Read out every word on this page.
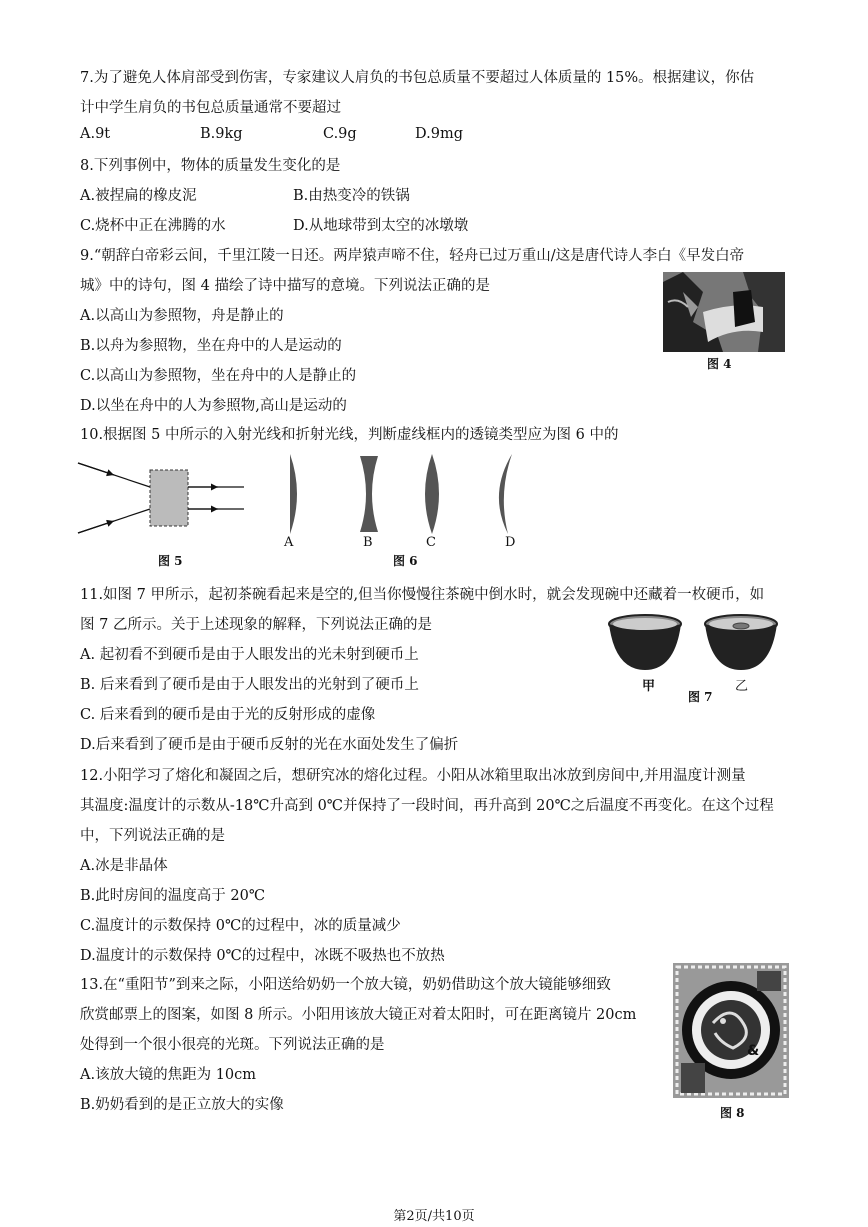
7.为了避免人体肩部受到伤害，专家建议人肩负的书包总质量不要超过人体质量的 15%。根据建议，你估
计中学生肩负的书包总质量通常不要超过
A.9t	B.9kg	C.9g	D.9mg
8.下列事例中，物体的质量发生变化的是
A.被捏扁的橡皮泥	B.由热变冷的铁锅
C.烧杯中正在沸腾的水	D.从地球带到太空的冰墩墩
9.“朝辞白帝彩云间，千里江陵一日还。两岸猿声啼不住，轻舟已过万重山/这是唐代诗人李白《早发白帝
城》中的诗句，图 4 描绘了诗中描写的意境。下列说法正确的是
A.以高山为参照物，舟是静止的
B.以舟为参照物，坐在舟中的人是运动的
C.以高山为参照物，坐在舟中的人是静止的
D.以坐在舟中的人为参照物,高山是运动的
图 4
10.根据图 5 中所示的入射光线和折射光线，判断虚线框内的透镜类型应为图 6 中的
图 5
A	B	C	D
图 6
11.如图 7 甲所示，起初茶碗看起来是空的,但当你慢慢往茶碗中倒水时，就会发现碗中还藏着一枚硬币，如
图 7 乙所示。关于上述现象的解释，下列说法正确的是
A. 起初看不到硬币是由于人眼发出的光未射到硬币上
B. 后来看到了硬币是由于人眼发出的光射到了硬币上
C. 后来看到的硬币是由于光的反射形成的虚像
D.后来看到了硬币是由于硬币反射的光在水面处发生了偏折
甲	乙
图 7
12.小阳学习了熔化和凝固之后，想研究冰的熔化过程。小阳从冰箱里取出冰放到房间中,并用温度计测量
其温度:温度计的示数从-18℃升高到 0℃并保持了一段时间，再升高到 20℃之后温度不再变化。在这个过程
中，下列说法正确的是
A.冰是非晶体
B.此时房间的温度高于 20℃
C.温度计的示数保持 0℃的过程中，冰的质量减少
D.温度计的示数保持 0℃的过程中，冰既不吸热也不放热
13.在“重阳节”到来之际，小阳送给奶奶一个放大镜，奶奶借助这个放大镜能够细致
欣赏邮票上的图案，如图 8 所示。小阳用该放大镜正对着太阳时，可在距离镜片 20cm
处得到一个很小很亮的光斑。下列说法正确的是
A.该放大镜的焦距为 10cm
B.奶奶看到的是正立放大的实像
&
图 8
第2页/共10页
